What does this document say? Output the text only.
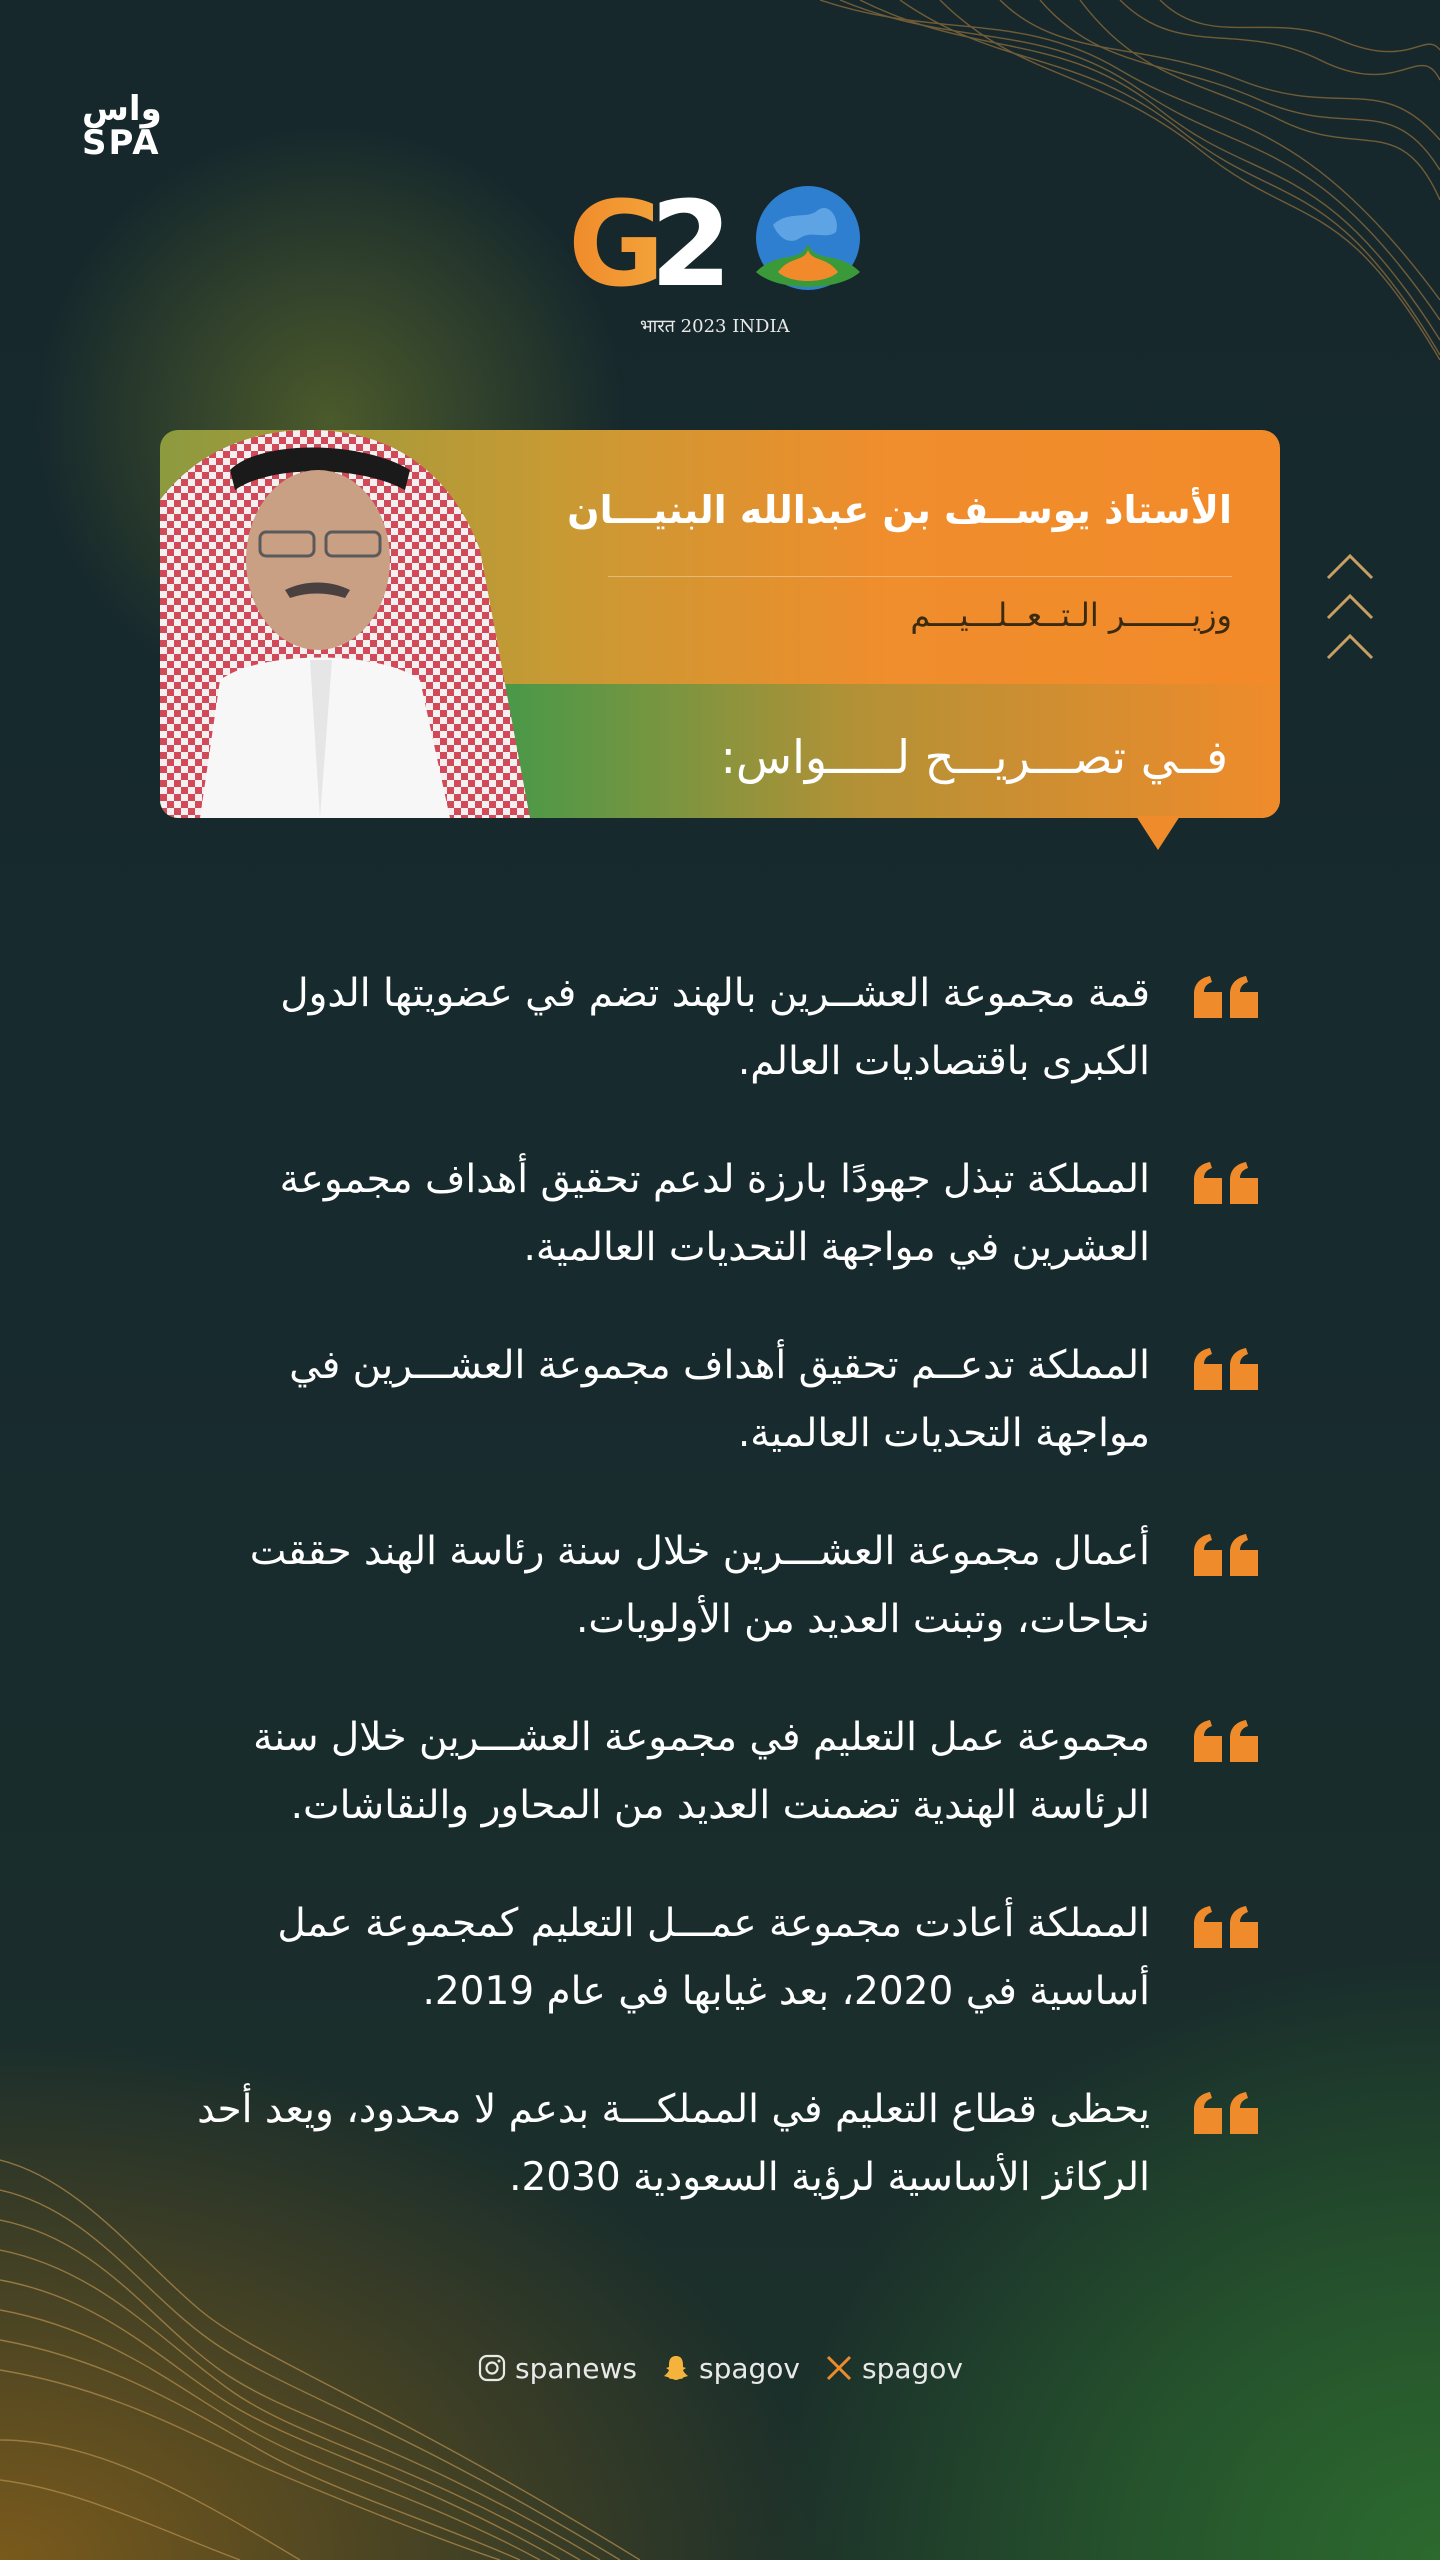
واس
SPA
G
2
भारत 2023 INDIA
الأستاذ يوســف بن عبدالله البنيـــان
وزيـــــــر الـتــعــلـــيـــم
فــي تصـــريـــح لـــــواس:
قمة مجموعة العشــرين بالهند تضم في عضويتها الدول الكبرى باقتصاديات العالم.
المملكة تبذل جهودًا بارزة لدعم تحقيق أهداف مجموعة العشرين في مواجهة التحديات العالمية.
المملكة تدعــم تحقيق أهداف مجموعة العشـــرين في مواجهة التحديات العالمية.
أعمال مجموعة العشـــرين خلال سنة رئاسة الهند حققت نجاحات، وتبنت العديد من الأولويات.
مجموعة عمل التعليم في مجموعة العشـــرين خلال سنة الرئاسة الهندية تضمنت العديد من المحاور والنقاشات.
المملكة أعادت مجموعة عمـــل التعليم كمجموعة عمل أساسية في 2020، بعد غيابها في عام 2019.
يحظى قطاع التعليم في المملكـــة بدعم لا محدود، ويعد أحد الركائز الأساسية لرؤية السعودية 2030.
spanews spagov spagov
